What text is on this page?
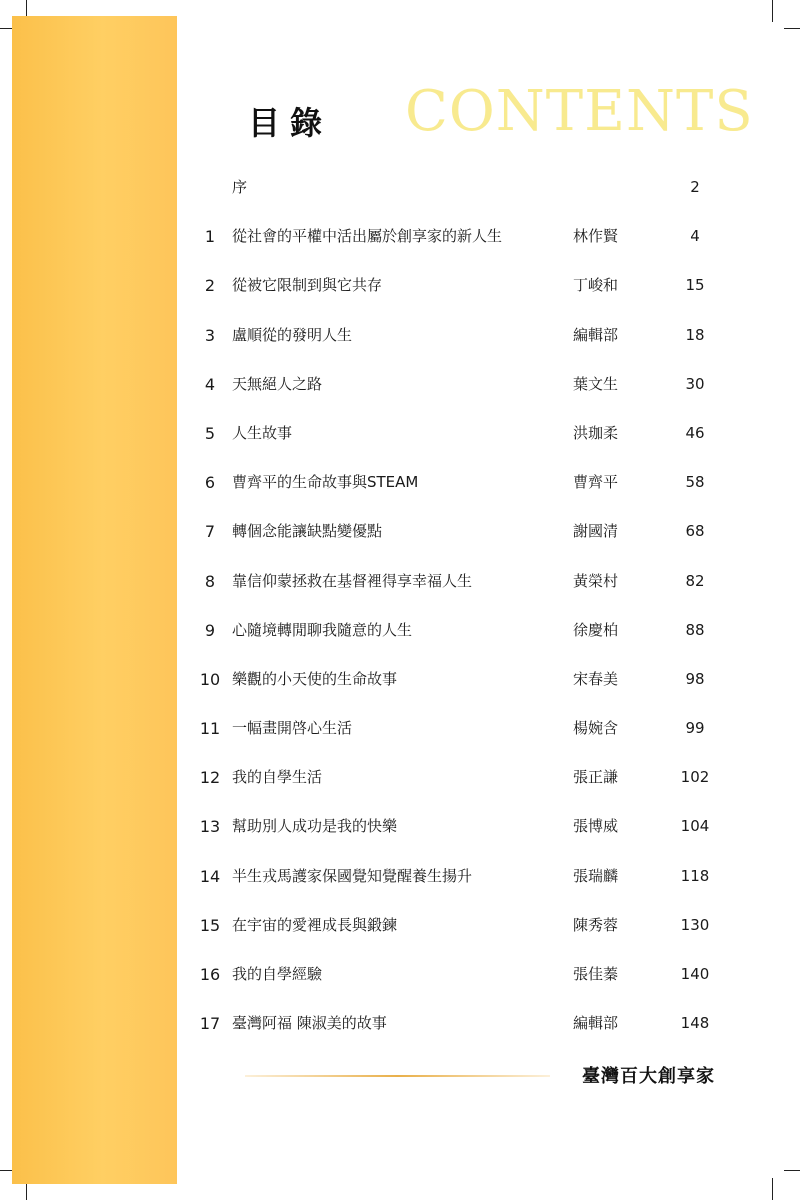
目錄 CONTENTS
序	2
1	從社會的平權中活出屬於創享家的新人生	林作賢	4
2	從被它限制到與它共存	丁峻和	15
3	盧順從的發明人生	編輯部	18
4	天無絕人之路	葉文生	30
5	人生故事	洪珈柔	46
6	曹齊平的生命故事與STEAM	曹齊平	58
7	轉個念能讓缺點變優點	謝國清	68
8	靠信仰蒙拯救在基督裡得享幸福人生	黃榮村	82
9	心隨境轉閒聊我隨意的人生	徐慶柏	88
10 樂觀的小天使的生命故事	宋春美	98
11 一幅畫開啓心生活	楊婉含	99
12 我的自學生活	張正謙	102
13 幫助別人成功是我的快樂	張博威	104
14 半生戎馬護家保國覺知覺醒養生揚升	張瑞麟	118
15 在宇宙的愛裡成長與鍛鍊	陳秀蓉	130
16 我的自學經驗	張佳蓁	140
17 臺灣阿福 陳淑美的故事	編輯部	148
臺灣百大創享家
